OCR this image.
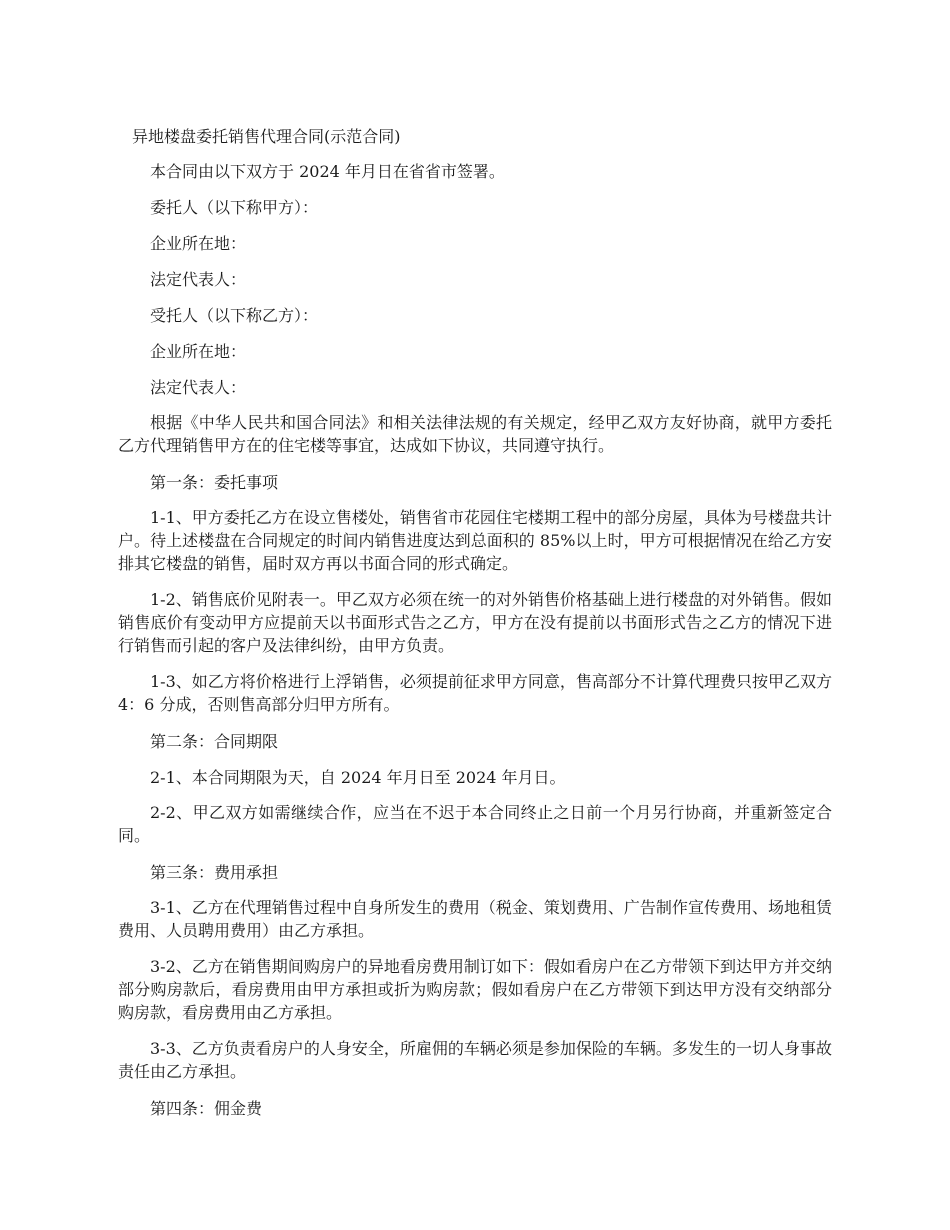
异地楼盘委托销售代理合同(示范合同)

本合同由以下双方于 2024 年月日在省省市签署。

委托人（以下称甲方）：

企业所在地：

法定代表人：

受托人（以下称乙方）：

企业所在地：

法定代表人：

根据《中华人民共和国合同法》和相关法律法规的有关规定，经甲乙双方友好协商，就甲方委托乙方代理销售甲方在的住宅楼等事宜，达成如下协议，共同遵守执行。

第一条：委托事项

1-1、甲方委托乙方在设立售楼处，销售省市花园住宅楼期工程中的部分房屋，具体为号楼盘共计户。待上述楼盘在合同规定的时间内销售进度达到总面积的 85%以上时，甲方可根据情况在给乙方安排其它楼盘的销售，届时双方再以书面合同的形式确定。

1-2、销售底价见附表一。甲乙双方必须在统一的对外销售价格基础上进行楼盘的对外销售。假如销售底价有变动甲方应提前天以书面形式告之乙方，甲方在没有提前以书面形式告之乙方的情况下进行销售而引起的客户及法律纠纷，由甲方负责。

1-3、如乙方将价格进行上浮销售，必须提前征求甲方同意，售高部分不计算代理费只按甲乙双方 4：6 分成，否则售高部分归甲方所有。

第二条：合同期限

2-1、本合同期限为天，自 2024 年月日至 2024 年月日。

2-2、甲乙双方如需继续合作，应当在不迟于本合同终止之日前一个月另行协商，并重新签定合同。

第三条：费用承担

3-1、乙方在代理销售过程中自身所发生的费用（税金、策划费用、广告制作宣传费用、场地租赁费用、人员聘用费用）由乙方承担。

3-2、乙方在销售期间购房户的异地看房费用制订如下：假如看房户在乙方带领下到达甲方并交纳部分购房款后，看房费用由甲方承担或折为购房款；假如看房户在乙方带领下到达甲方没有交纳部分购房款，看房费用由乙方承担。

3-3、乙方负责看房户的人身安全，所雇佣的车辆必须是参加保险的车辆。多发生的一切人身事故责任由乙方承担。

第四条：佣金费
